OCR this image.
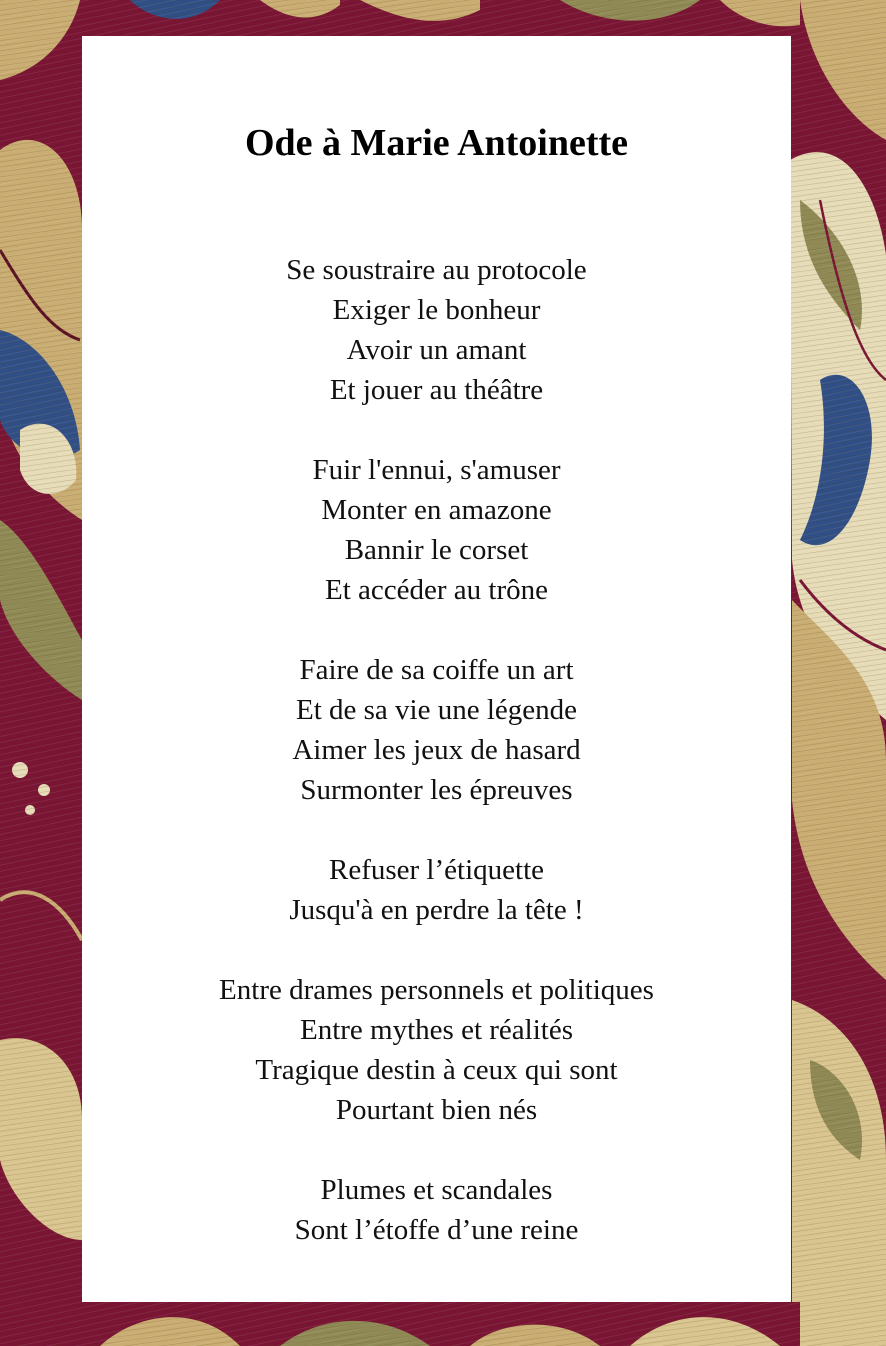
Ode à Marie Antoinette
Se soustraire au protocole
Exiger le bonheur
Avoir un amant
Et jouer au théâtre
Fuir l'ennui, s'amuser
Monter en amazone
Bannir le corset
Et accéder au trône
Faire de sa coiffe un art
Et de sa vie une légende
Aimer les jeux de hasard
Surmonter les épreuves
Refuser l’étiquette
Jusqu'à en perdre la tête !
Entre drames personnels et politiques
Entre mythes et réalités
Tragique destin à ceux qui sont
Pourtant bien nés
Plumes et scandales
Sont l’étoffe d’une reine
